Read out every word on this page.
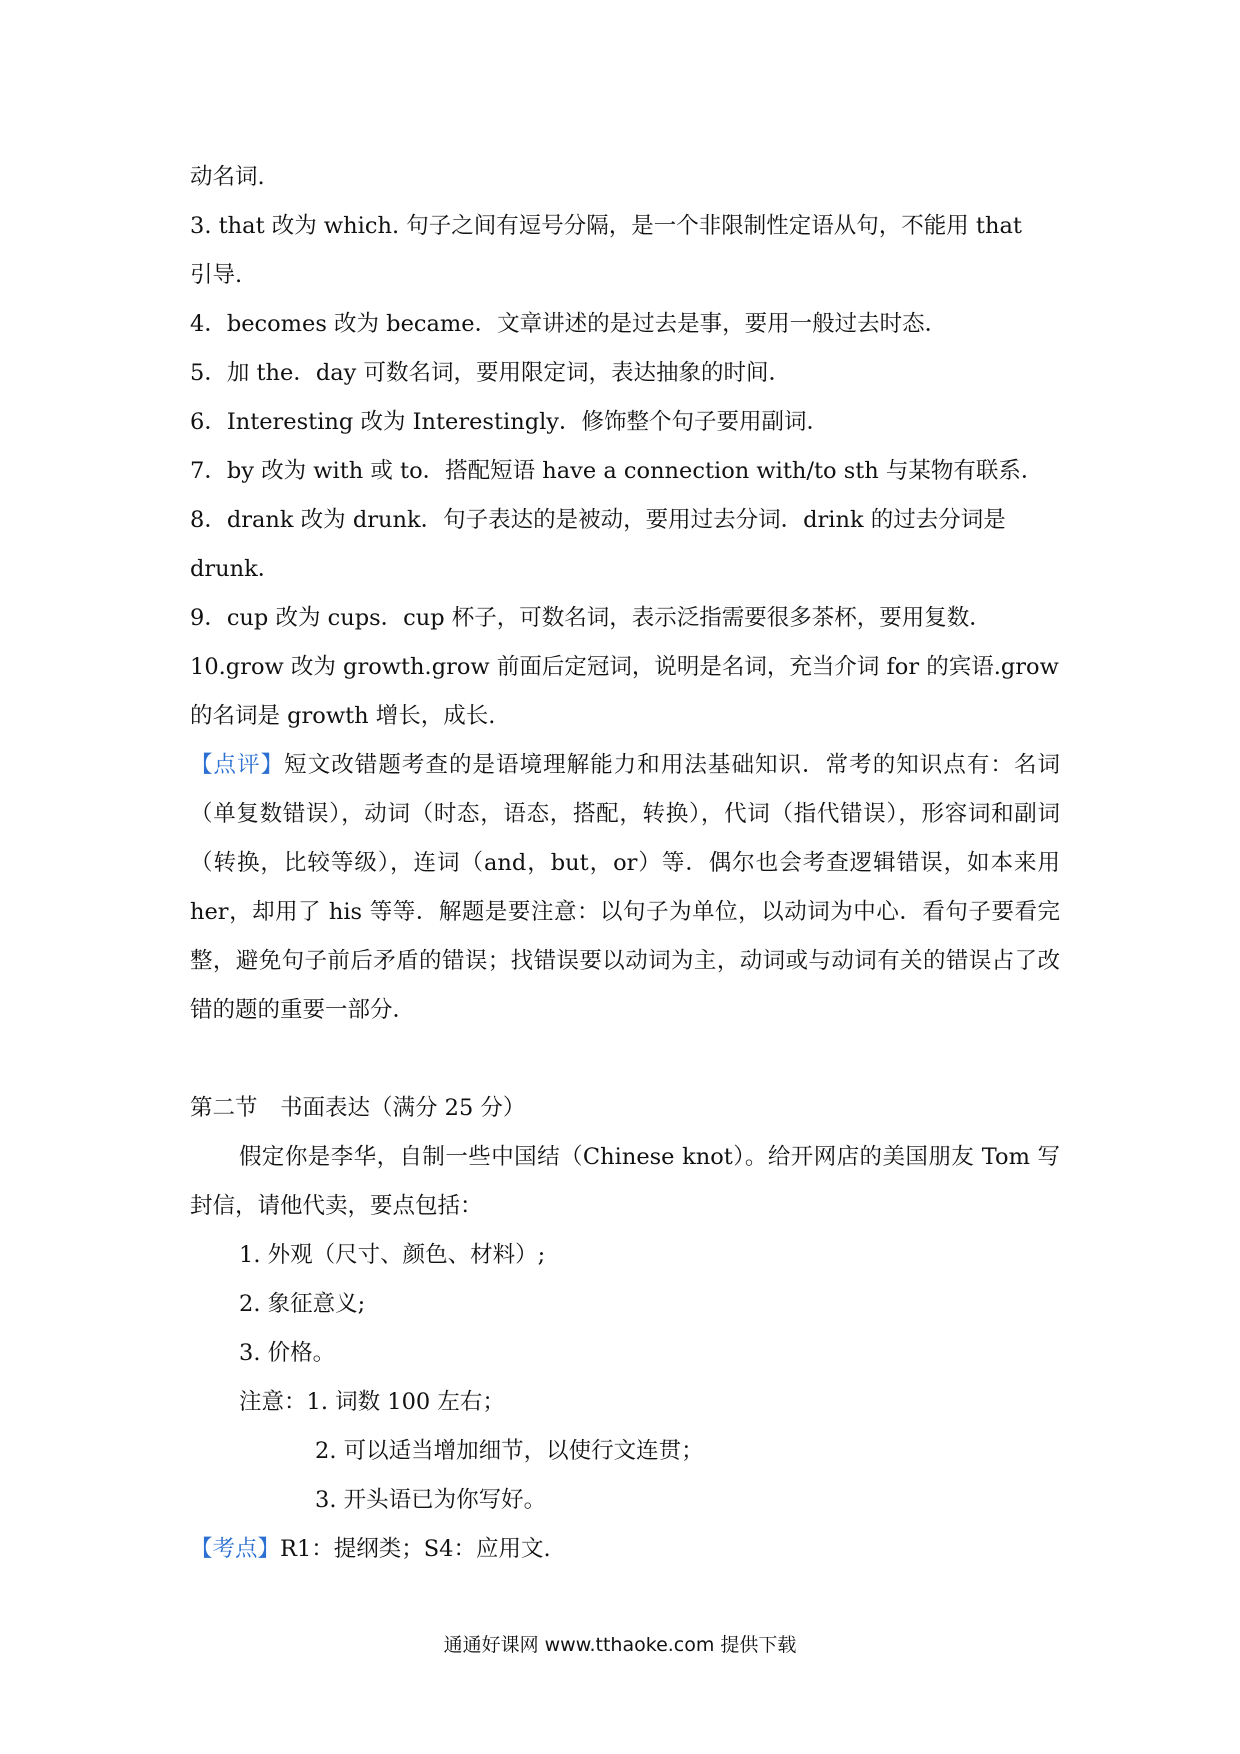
动名词.

3. that 改为 which. 句子之间有逗号分隔，是一个非限制性定语从句，不能用 that

引导.

4．becomes 改为 became．文章讲述的是过去是事，要用一般过去时态．

5．加 the．day 可数名词，要用限定词，表达抽象的时间．

6．Interesting 改为 Interestingly．修饰整个句子要用副词．

7．by 改为 with 或 to．搭配短语 have a connection with/to sth 与某物有联系．

8．drank 改为 drunk．句子表达的是被动，要用过去分词．drink 的过去分词是

drunk．

9．cup 改为 cups．cup 杯子，可数名词，表示泛指需要很多茶杯，要用复数．

10.grow 改为 growth.grow 前面后定冠词，说明是名词，充当介词 for 的宾语.grow

的名词是 growth 增长，成长.

【点评】短文改错题考查的是语境理解能力和用法基础知识．常考的知识点有：名词（单复数错误），动词（时态，语态，搭配，转换），代词（指代错误），形容词和副词（转换，比较等级），连词（and，but，or）等．偶尔也会考查逻辑错误，如本来用 her，却用了 his 等等．解题是要注意：以句子为单位，以动词为中心．看句子要看完整，避免句子前后矛盾的错误；找错误要以动词为主，动词或与动词有关的错误占了改错的题的重要一部分．

第二节　书面表达（满分 25 分）

假定你是李华，自制一些中国结（Chinese knot）。给开网店的美国朋友 Tom 写封信，请他代卖，要点包括：

1. 外观（尺寸、颜色、材料）;

2. 象征意义;

3. 价格。

注意：1. 词数 100 左右；

2. 可以适当增加细节，以使行文连贯；

3. 开头语已为你写好。

【考点】R1：提纲类；S4：应用文.

通通好课网 www.tthaoke.com 提供下载
